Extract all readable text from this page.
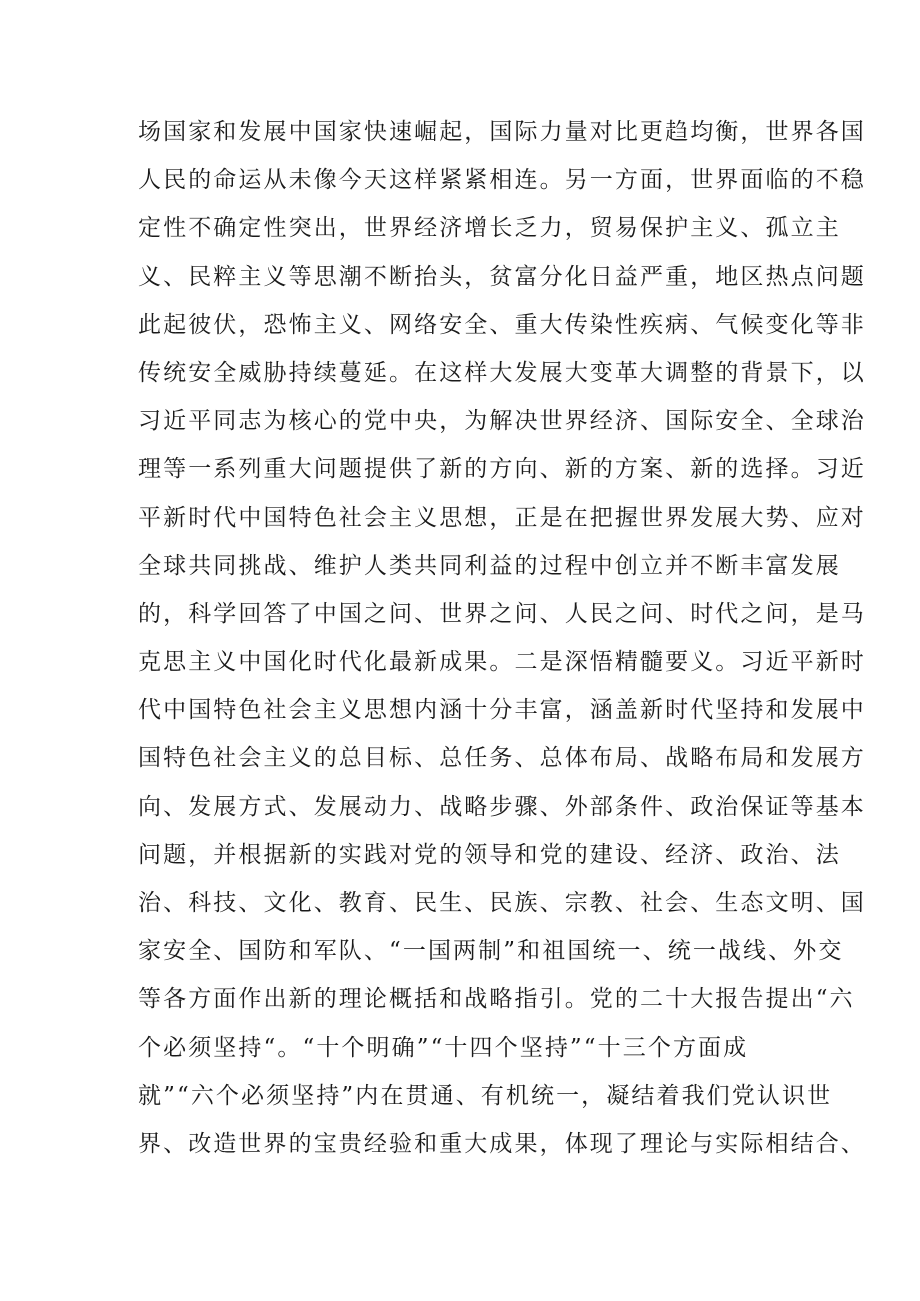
场国家和发展中国家快速崛起，国际力量对比更趋均衡，世界各国
人民的命运从未像今天这样紧紧相连。另一方面，世界面临的不稳
定性不确定性突出，世界经济增长乏力，贸易保护主义、孤立主
义、民粹主义等思潮不断抬头，贫富分化日益严重，地区热点问题
此起彼伏，恐怖主义、网络安全、重大传染性疾病、气候变化等非
传统安全威胁持续蔓延。在这样大发展大变革大调整的背景下，以
习近平同志为核心的党中央，为解决世界经济、国际安全、全球治
理等一系列重大问题提供了新的方向、新的方案、新的选择。习近
平新时代中国特色社会主义思想，正是在把握世界发展大势、应对
全球共同挑战、维护人类共同利益的过程中创立并不断丰富发展
的，科学回答了中国之问、世界之问、人民之问、时代之问，是马
克思主义中国化时代化最新成果。二是深悟精髓要义。习近平新时
代中国特色社会主义思想内涵十分丰富，涵盖新时代坚持和发展中
国特色社会主义的总目标、总任务、总体布局、战略布局和发展方
向、发展方式、发展动力、战略步骤、外部条件、政治保证等基本
问题，并根据新的实践对党的领导和党的建设、经济、政治、法
治、科技、文化、教育、民生、民族、宗教、社会、生态文明、国
家安全、国防和军队、“一国两制”和祖国统一、统一战线、外交
等各方面作出新的理论概括和战略指引。党的二十大报告提出“六
个必须坚持“。“十个明确”“十四个坚持”“十三个方面成
就”“六个必须坚持”内在贯通、有机统一，凝结着我们党认识世
界、改造世界的宝贵经验和重大成果，体现了理论与实际相结合、
